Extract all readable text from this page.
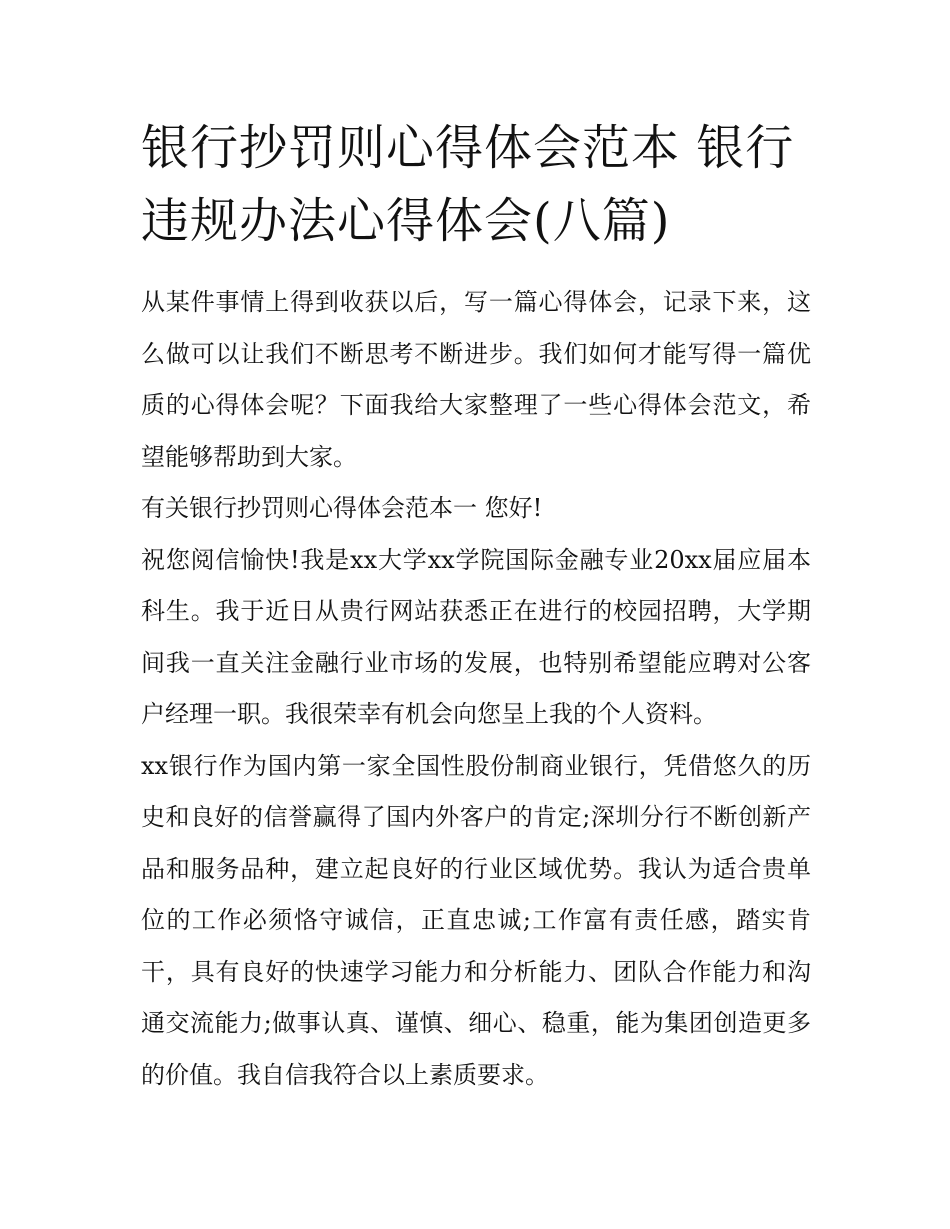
银行抄罚则心得体会范本 银行违规办法心得体会(八篇)

从某件事情上得到收获以后，写一篇心得体会，记录下来，这么做可以让我们不断思考不断进步。我们如何才能写得一篇优质的心得体会呢？下面我给大家整理了一些心得体会范文，希望能够帮助到大家。

有关银行抄罚则心得体会范本一 您好!

祝您阅信愉快!我是xx大学xx学院国际金融专业20xx届应届本科生。我于近日从贵行网站获悉正在进行的校园招聘，大学期间我一直关注金融行业市场的发展，也特别希望能应聘对公客户经理一职。我很荣幸有机会向您呈上我的个人资料。

xx银行作为国内第一家全国性股份制商业银行，凭借悠久的历史和良好的信誉赢得了国内外客户的肯定;深圳分行不断创新产品和服务品种，建立起良好的行业区域优势。我认为适合贵单位的工作必须恪守诚信，正直忠诚;工作富有责任感，踏实肯干，具有良好的快速学习能力和分析能力、团队合作能力和沟通交流能力;做事认真、谨慎、细心、稳重，能为集团创造更多的价值。我自信我符合以上素质要求。
